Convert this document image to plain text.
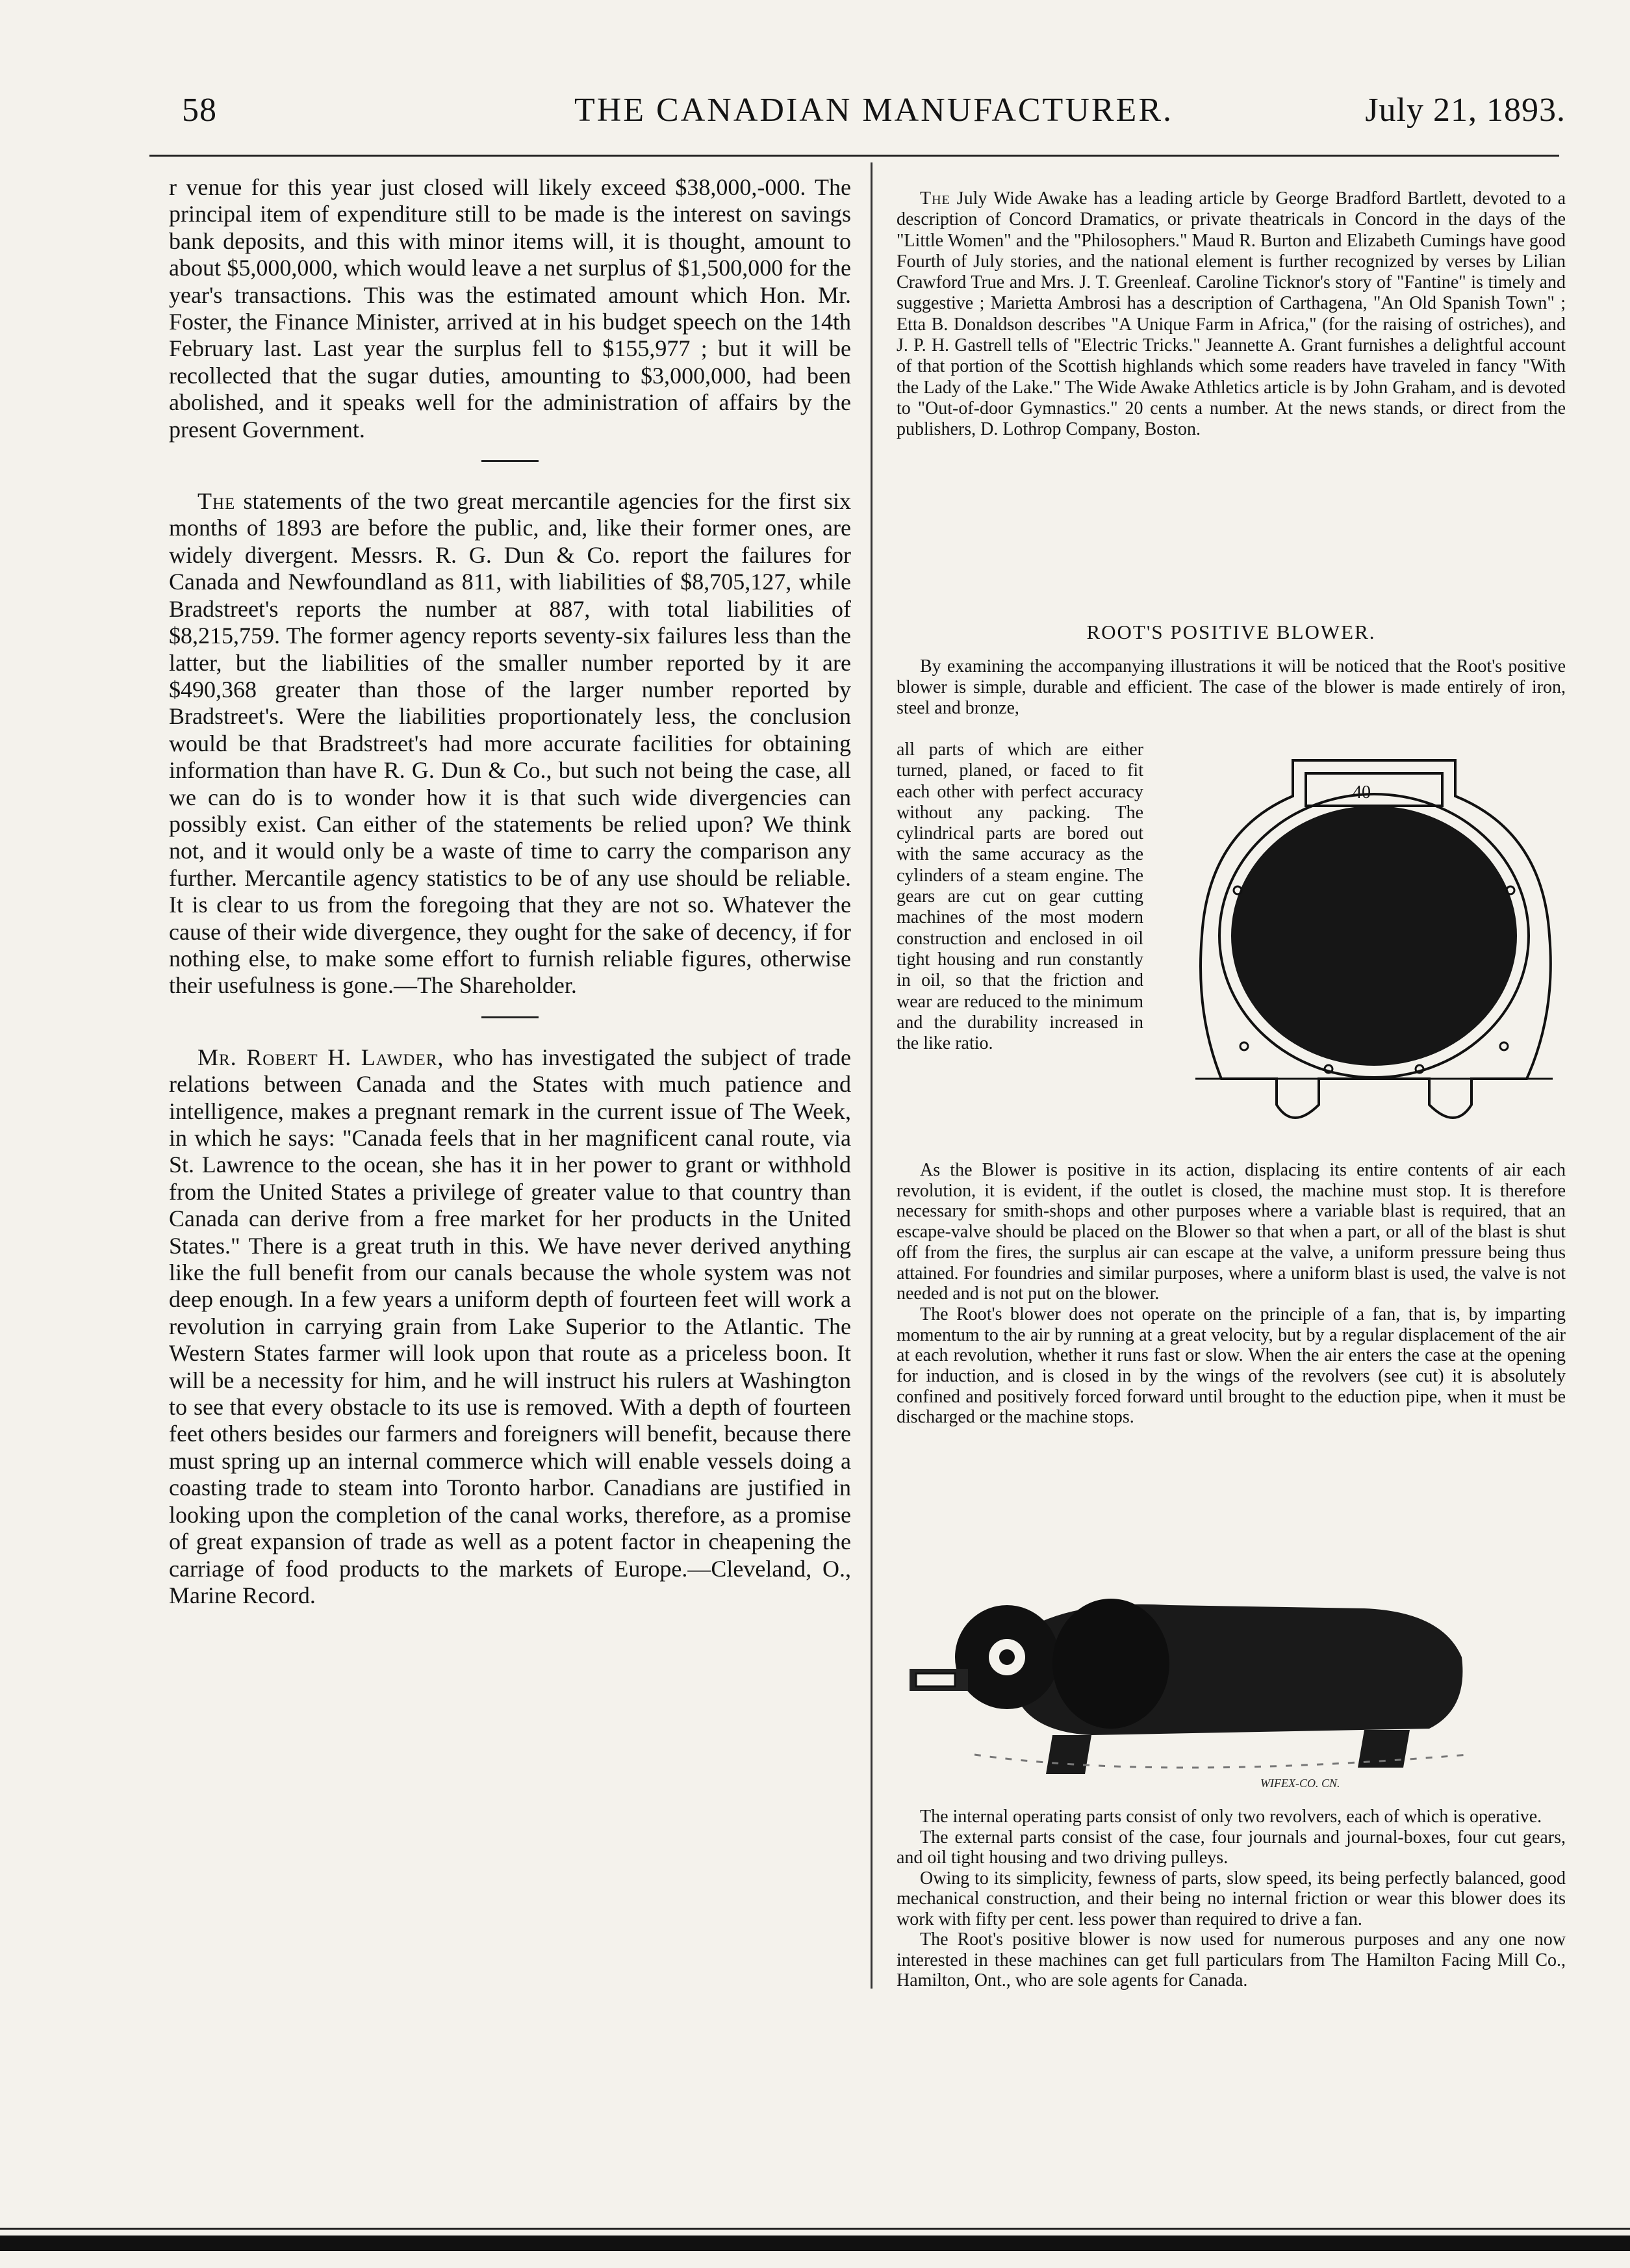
58	THE CANADIAN MANUFACTURER.	July 21, 1893.

r venue for this year just closed will likely exceed $38,000,-000. The principal item of expenditure still to be made is the interest on savings bank deposits, and this with minor items will, it is thought, amount to about $5,000,000, which would leave a net surplus of $1,500,000 for the year's transactions. This was the estimated amount which Hon. Mr. Foster, the Finance Minister, arrived at in his budget speech on the 14th February last. Last year the surplus fell to $155,977 ; but it will be recollected that the sugar duties, amounting to $3,000,000, had been abolished, and it speaks well for the administration of affairs by the present Government.

The statements of the two great mercantile agencies for the first six months of 1893 are before the public, and, like their former ones, are widely divergent. Messrs. R. G. Dun & Co. report the failures for Canada and Newfoundland as 811, with liabilities of $8,705,127, while Bradstreet's reports the number at 887, with total liabilities of $8,215,759. The former agency reports seventy-six failures less than the latter, but the liabilities of the smaller number reported by it are $490,368 greater than those of the larger number reported by Bradstreet's. Were the liabilities proportionately less, the conclusion would be that Bradstreet's had more accurate facilities for obtaining information than have R. G. Dun & Co., but such not being the case, all we can do is to wonder how it is that such wide divergencies can possibly exist. Can either of the statements be relied upon? We think not, and it would only be a waste of time to carry the comparison any further. Mercantile agency statistics to be of any use should be reliable. It is clear to us from the foregoing that they are not so. Whatever the cause of their wide divergence, they ought for the sake of decency, if for nothing else, to make some effort to furnish reliable figures, otherwise their usefulness is gone.—The Shareholder.

Mr. Robert H. Lawder, who has investigated the subject of trade relations between Canada and the States with much patience and intelligence, makes a pregnant remark in the current issue of The Week, in which he says: "Canada feels that in her magnificent canal route, via St. Lawrence to the ocean, she has it in her power to grant or withhold from the United States a privilege of greater value to that country than Canada can derive from a free market for her products in the United States." There is a great truth in this. We have never derived anything like the full benefit from our canals because the whole system was not deep enough. In a few years a uniform depth of fourteen feet will work a revolution in carrying grain from Lake Superior to the Atlantic. The Western States farmer will look upon that route as a priceless boon. It will be a necessity for him, and he will instruct his rulers at Washington to see that every obstacle to its use is removed. With a depth of fourteen feet others besides our farmers and foreigners will benefit, because there must spring up an internal commerce which will enable vessels doing a coasting trade to steam into Toronto harbor. Canadians are justified in looking upon the completion of the canal works, therefore, as a promise of great expansion of trade as well as a potent factor in cheapening the carriage of food products to the markets of Europe.—Cleveland, O., Marine Record.

The July Wide Awake has a leading article by George Bradford Bartlett, devoted to a description of Concord Dramatics, or private theatricals in Concord in the days of the "Little Women" and the "Philosophers." Maud R. Burton and Elizabeth Cumings have good Fourth of July stories, and the national element is further recognized by verses by Lilian Crawford True and Mrs. J. T. Greenleaf. Caroline Ticknor's story of "Fantine" is timely and suggestive ; Marietta Ambrosi has a description of Carthagena, "An Old Spanish Town" ; Etta B. Donaldson describes "A Unique Farm in Africa," (for the raising of ostriches), and J. P. H. Gastrell tells of "Electric Tricks." Jeannette A. Grant furnishes a delightful account of that portion of the Scottish highlands which some readers have traveled in fancy "With the Lady of the Lake." The Wide Awake Athletics article is by John Graham, and is devoted to "Out-of-door Gymnastics." 20 cents a number. At the news stands, or direct from the publishers, D. Lothrop Company, Boston.

ROOT'S POSITIVE BLOWER.

By examining the accompanying illustrations it will be noticed that the Root's positive blower is simple, durable and efficient. The case of the blower is made entirely of iron, steel and bronze,

all parts of which are either turned, planed, or faced to fit each other with perfect accuracy without any packing. The cylindrical parts are bored out with the same accuracy as the cylinders of a steam engine. The gears are cut on gear cutting machines of the most modern construction and enclosed in oil tight housing and run constantly in oil, so that the friction and wear are reduced to the minimum and the durability increased in the like ratio.

40

As the Blower is positive in its action, displacing its entire contents of air each revolution, it is evident, if the outlet is closed, the machine must stop. It is therefore necessary for smith-shops and other purposes where a variable blast is required, that an escape-valve should be placed on the Blower so that when a part, or all of the blast is shut off from the fires, the surplus air can escape at the valve, a uniform pressure being thus attained. For foundries and similar purposes, where a uniform blast is used, the valve is not needed and is not put on the blower.

The Root's blower does not operate on the principle of a fan, that is, by imparting momentum to the air by running at a great velocity, but by a regular displacement of the air at each revolution, whether it runs fast or slow. When the air enters the case at the opening for induction, and is closed in by the wings of the revolvers (see cut) it is absolutely confined and positively forced forward until brought to the eduction pipe, when it must be discharged or the machine stops.

WIFEX-CO. CN.

The internal operating parts consist of only two revolvers, each of which is operative.

The external parts consist of the case, four journals and journal-boxes, four cut gears, and oil tight housing and two driving pulleys.

Owing to its simplicity, fewness of parts, slow speed, its being perfectly balanced, good mechanical construction, and their being no internal friction or wear this blower does its work with fifty per cent. less power than required to drive a fan.

The Root's positive blower is now used for numerous purposes and any one now interested in these machines can get full particulars from The Hamilton Facing Mill Co., Hamilton, Ont., who are sole agents for Canada.
